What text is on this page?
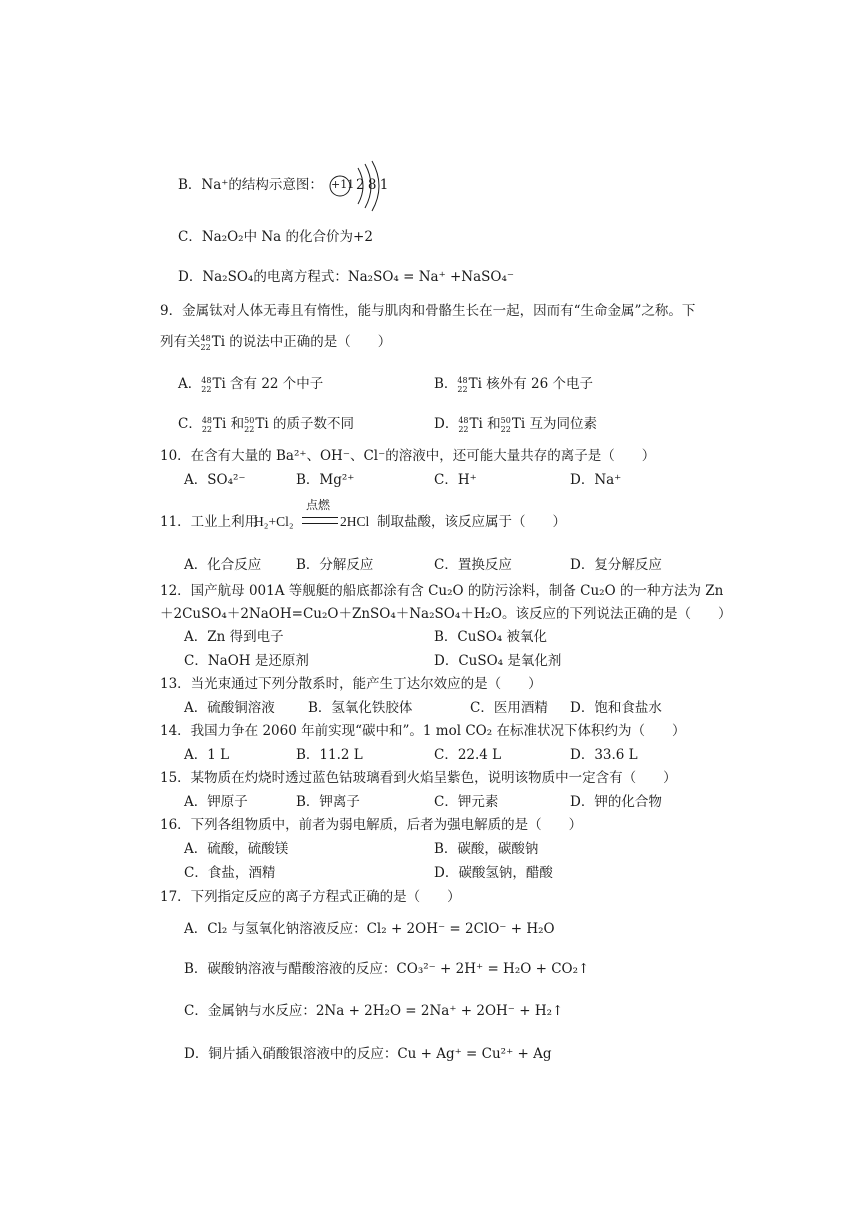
B．Na⁺的结构示意图： +11 2 8 1
C．Na₂O₂中 Na 的化合价为+2
D．Na₂SO₄的电离方程式：Na₂SO₄ = Na⁺ +NaSO₄⁻
9．金属钛对人体无毒且有惰性，能与肌肉和骨骼生长在一起，因而有“生命金属”之称。下
列有关48
22Ti 的说法中正确的是（　　）
A．48
22Ti 含有 22 个中子	B．48
22Ti 核外有 26 个电子
C．48
22Ti 和50
22Ti 的质子数不同	D．48
22Ti 和50
22Ti 互为同位素
10．在含有大量的 Ba²⁺、OH⁻、Cl⁻的溶液中，还可能大量共存的离子是（　　）
A．SO₄²⁻	B．Mg²⁺	C．H⁺	D．Na⁺
11．工业上利用
H₂+Cl₂
点燃
2HCl 制取盐酸，该反应属于（　　）
A．化合反应	B．分解反应	C．置换反应	D．复分解反应
12．国产航母 001A 等舰艇的船底都涂有含 Cu₂O 的防污涂料，制备 Cu₂O 的一种方法为 Zn
＋2CuSO₄＋2NaOH=Cu₂O＋ZnSO₄＋Na₂SO₄＋H₂O。该反应的下列说法正确的是（　　）
A．Zn 得到电子	B．CuSO₄ 被氧化
C．NaOH 是还原剂	D．CuSO₄ 是氧化剂
13．当光束通过下列分散系时，能产生丁达尔效应的是（　　）
A．硫酸铜溶液 B．氢氧化铁胶体	C．医用酒精 D．饱和食盐水
14．我国力争在 2060 年前实现“碳中和”。1 mol CO₂ 在标准状况下体积约为（　　）
A．1 L	B．11.2 L	C．22.4 L	D．33.6 L
15．某物质在灼烧时透过蓝色钴玻璃看到火焰呈紫色，说明该物质中一定含有（　　）
A．钾原子	B．钾离子	C．钾元素	D．钾的化合物
16．下列各组物质中，前者为弱电解质，后者为强电解质的是（　　）
A．硫酸，硫酸镁	B．碳酸，碳酸钠
C．食盐，酒精	D．碳酸氢钠，醋酸
17．下列指定反应的离子方程式正确的是（　　）
A．Cl₂ 与氢氧化钠溶液反应：Cl₂ + 2OH⁻ = 2ClO⁻ + H₂O
B．碳酸钠溶液与醋酸溶液的反应：CO₃²⁻ + 2H⁺ = H₂O + CO₂↑
C．金属钠与水反应：2Na + 2H₂O = 2Na⁺ + 2OH⁻ + H₂↑
D．铜片插入硝酸银溶液中的反应：Cu + Ag⁺ = Cu²⁺ + Ag
